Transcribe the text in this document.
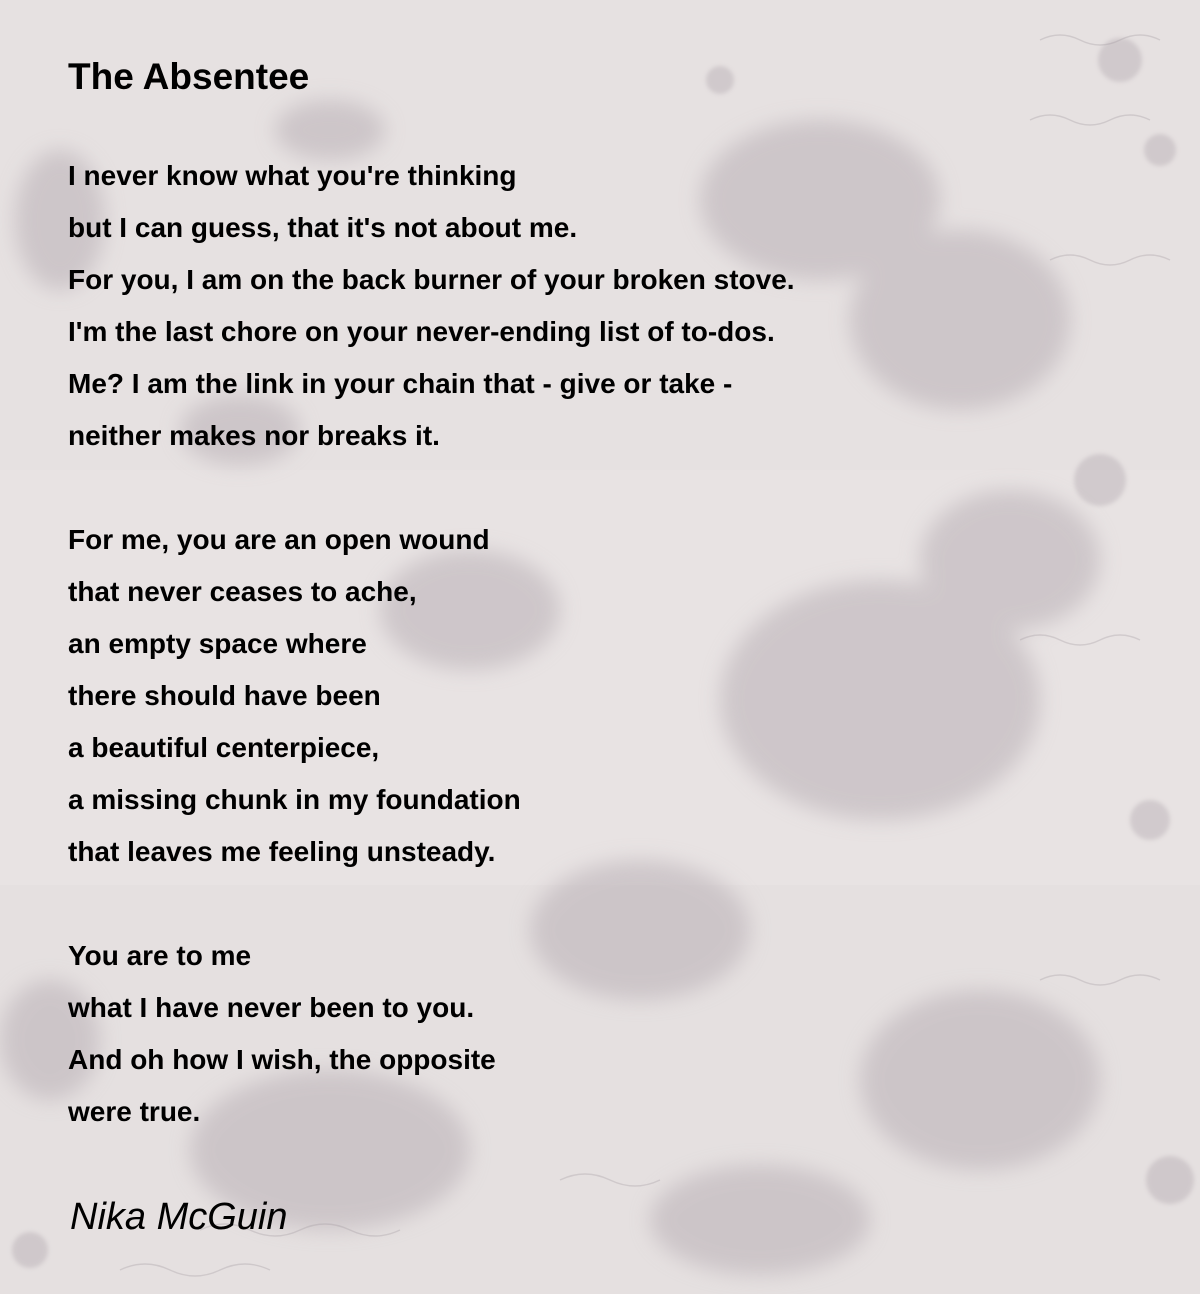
The Absentee
I never know what you're thinking
but I can guess, that it's not about me.
For you, I am on the back burner of your broken stove.
I'm the last chore on your never-ending list of to-dos.
Me? I am the link in your chain that - give or take -
neither makes nor breaks it.
For me, you are an open wound
that never ceases to ache,
an empty space where
there should have been
a beautiful centerpiece,
a missing chunk in my foundation
that leaves me feeling unsteady.
You are to me
what I have never been to you.
And oh how I wish, the opposite
were true.
Nika McGuin
